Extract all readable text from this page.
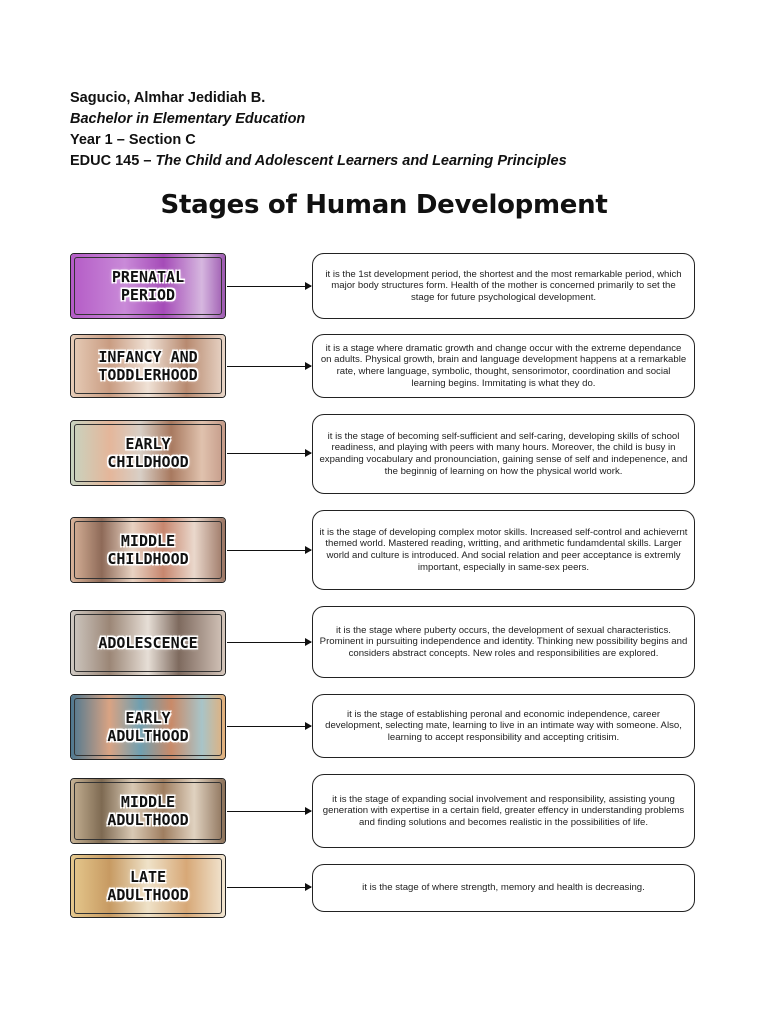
Sagucio, Almhar Jedidiah B.
Bachelor in Elementary Education
Year 1 – Section C
EDUC 145 – The Child and Adolescent Learners and Learning Principles
Stages of Human Development
PRENATAL
PERIOD
it is the 1st development period, the shortest and the most remarkable period, which major body structures form. Health of the mother is concerned primarily to set the stage for future psychological development.
INFANCY AND
TODDLERHOOD
it is a stage where dramatic growth and change occur with the extreme dependance on adults. Physical growth, brain and language development happens at a remarkable rate, where language, symbolic, thought, sensorimotor, coordination and social learning begins. Immitating is what they do.
EARLY
CHILDHOOD
it is the stage of becoming self-sufficient and self-caring, developing skills of school readiness, and playing with peers with many hours. Moreover, the child is busy in expanding vocabulary and pronounciation, gaining sense of self and indepenence, and the beginnig of learning on how the physical world work.
MIDDLE
CHILDHOOD
it is the stage of developing complex motor skills. Increased self-control and achievernt themed world. Mastered reading, writting, and arithmetic fundamdental skills. Larger world and culture is introduced. And social relation and peer acceptance is extremly important, especially in same-sex peers.
ADOLESCENCE
it is the stage where puberty occurs, the development of sexual characteristics. Prominent in pursuiting independence and identity. Thinking new possibility begins and considers abstract concepts. New roles and responsibilities are explored.
EARLY
ADULTHOOD
it is the stage of establishing peronal and economic independence, career development, selecting mate, learning to live in an intimate way with someone. Also, learning to accept responsibility and accepting critisim.
MIDDLE
ADULTHOOD
it is the stage of expanding social involvement and responsibility, assisting young generation with expertise in a certain field, greater effency in understanding problems and finding solutions and becomes realistic in the possibilities of life.
LATE
ADULTHOOD	it is the stage of where strength, memory and health is decreasing.
